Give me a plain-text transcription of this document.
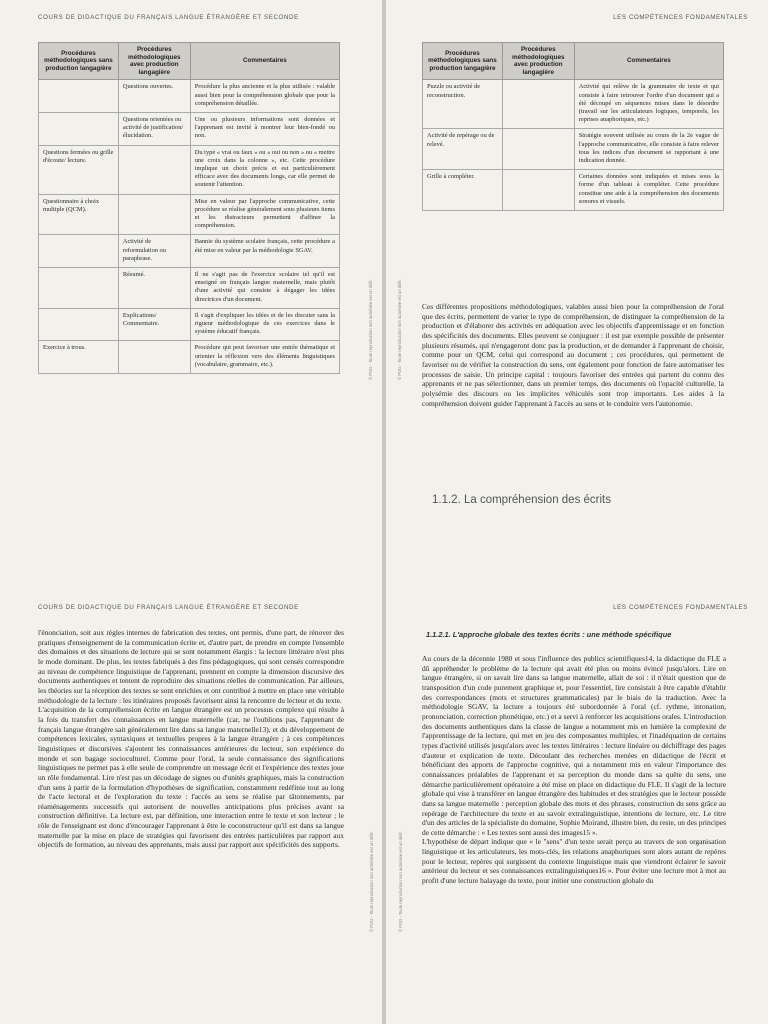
COURS DE DIDACTIQUE DU FRANÇAIS LANGUE ÉTRANGÈRE ET SECONDE
Procédures méthodologiques sans production langagière	Procédures méthodologiques avec production langagière	Commentaires
	Questions ouvertes.	Procédure la plus ancienne et la plus utilisée : valable aussi bien pour la compréhension globale que pour la compréhension détaillée.
	Questions orientées ou activité de justification/ élucidation.	Une ou plusieurs informations sont données et l'apprenant est invité à montrer leur bien-fondé ou non.
Questions fermées ou grille d'écoute/ lecture.		Du type « vrai ou faux » ou « oui ou non » ou « mettre une croix dans la colonne », etc. Cette procédure implique un choix précis et est particulièrement efficace avec des documents longs, car elle permet de soutenir l'attention.
Questionnaire à choix multiple (QCM).		Mise en valeur par l'approche communicative, cette procédure se réalise généralement sous plusieurs items et les distracteurs permettent d'affiner la compréhension.
	Activité de reformulation ou paraphrase.	Bannie du système scolaire français, cette procédure a été mise en valeur par la méthodologie SGAV.
	Résumé.	Il ne s'agit pas de l'exercice scolaire tel qu'il est enseigné en français langue maternelle, mais plutôt d'une activité qui consiste à dégager les idées directrices d'un document.
	Explications/ Commentaire.	Il s'agit d'expliquer les idées et de les discuter sans la rigueur méthodologique de ces exercices dans le système éducatif français.
Exercice à trous.		Procédure qui peut favoriser une entrée thématique et orienter la réflexion vers des éléments linguistiques (vocabulaire, grammaire, etc.).
LES COMPÉTENCES FONDAMENTALES
Procédures méthodologiques sans production langagière	Procédures méthodologiques avec production langagière	Commentaires
Puzzle ou activité de reconstruction.		Activité qui relève de la grammaire de texte et qui consiste à faire retrouver l'ordre d'un document qui a été découpé en séquences mises dans le désordre (travail sur les articulateurs logiques, temporels, les reprises anaphoriques, etc.)
Activité de repérage ou de relevé.		Stratégie souvent utilisée au cours de la 2e vague de l'approche communicative, elle consiste à faire relever tous les indices d'un document se rapportant à une indication donnée.
Grille à compléter.		Certaines données sont indiquées et mises sous la forme d'un tableau à compléter. Cette procédure constitue une aide à la compréhension des documents sonores et visuels.

Ces différentes propositions méthodologiques, valables aussi bien pour la compréhension de l'oral que des écrits, permettent de varier le type de compréhension, de distinguer la compréhension de la production et d'élaborer des activités en adéquation avec les objectifs d'apprentissage et en fonction des spécificités des documents. Elles peuvent se conjuguer : il est par exemple possible de présenter plusieurs résumés, qui n'engageront donc pas la production, et de demander à l'apprenant de choisir, comme pour un QCM, celui qui correspond au document ; ces procédures, qui permettent de favoriser ou de vérifier la construction du sens, ont également pour fonction de faire automatiser les processus de saisie. Un principe capital : toujours favoriser des entrées qui partent du connu des apprenants et ne pas sélectionner, dans un premier temps, des documents où l'opacité culturelle, la polysémie des discours ou les implicites véhiculés sont trop importants. Les aides à la compréhension doivent guider l'apprenant à l'accès au sens et le conduire vers l'autonomie.

1.1.2. La compréhension des écrits

© PUG - Toute reproduction non autorisée est un délit.	© PUG - Toute reproduction non autorisée est un délit.
COURS DE DIDACTIQUE DU FRANÇAIS LANGUE ÉTRANGÈRE ET SECONDE

l'énonciation, soit aux règles internes de fabrication des textes, ont permis, d'une part, de rénover des pratiques d'enseignement de la communication écrite et, d'autre part, de prendre en compte l'ensemble des domaines et des situations de lecture qui se sont notamment élargis : la lecture littéraire n'est plus le mode dominant. De plus, les textes fabriqués à des fins pédagogiques, qui sont censés correspondre au niveau de compétence linguistique de l'apprenant, prennent en compte la dimension discursive des documents authentiques et tentent de reproduire des situations réelles de communication. Par ailleurs, les théories sur la réception des textes se sont enrichies et ont contribué à mettre en place une véritable méthodologie de la lecture : les itinéraires proposés favorisent ainsi la rencontre du lecteur et du texte.

L'acquisition de la compréhension écrite en langue étrangère est un processus complexe qui résulte à la fois du transfert des connaissances en langue maternelle (car, ne l'oublions pas, l'apprenant de français langue étrangère sait généralement lire dans sa langue maternelle13), et du développement de compétences lexicales, syntaxiques et textuelles propres à la langue étrangère ; à ces compétences linguistiques et discursives s'ajoutent les connaissances antérieures du lecteur, son expérience du monde et son bagage socioculturel. Comme pour l'oral, la seule connaissance des significations linguistiques ne permet pas à elle seule de comprendre un message écrit et l'expérience des textes joue un rôle fondamental. Lire n'est pas un décodage de signes ou d'unités graphiques, mais la construction d'un sens à partir de la formulation d'hypothèses de signification, constamment redéfinie tout au long de l'acte lectoral et de l'exploration du texte : l'accès au sens se réalise par tâtonnements, par réaménagements successifs qui autorisent de nouvelles anticipations plus précises avant sa construction définitive. La lecture est, par définition, une interaction entre le texte et son lecteur ; le rôle de l'enseignant est donc d'encourager l'apprenant à être le coconstructeur qu'il est dans sa langue maternelle par la mise en place de stratégies qui favorisent des entrées particulières par rapport aux objectifs de formation, au niveau des apprenants, mais aussi par rapport aux spécificités des supports.

LES COMPÉTENCES FONDAMENTALES
1.1.2.1. L'approche globale des textes écrits : une méthode spécifique

Au cours de la décennie 1980 et sous l'influence des publics scientifiques14, la didactique du FLE a dû appréhender le problème de la lecture qui avait été plus ou moins évincé jusqu'alors. Lire en langue étrangère, si on savait lire dans sa langue maternelle, allait de soi : il n'était question que de transposition d'un code purement graphique et, pour l'essentiel, lire consistait à être capable d'établir des correspondances (mots et structures grammaticales) par le biais de la traduction. Avec la méthodologie SGAV, la lecture a toujours été subordonnée à l'oral (cf. rythme, intonation, prononciation, correction phonétique, etc.) et a servi à renforcer les acquisitions orales. L'introduction des documents authentiques dans la classe de langue a notamment mis en lumière la complexité de l'apprentissage de la lecture, qui met en jeu des composantes multiples, et l'inadéquation de certains types d'activité utilisés jusqu'alors avec les textes littéraires : lecture linéaire ou déchiffrage des pages d'auteur et explication de texte. Découlant des recherches menées en didactique de l'écrit et bénéficiant des apports de l'approche cognitive, qui a notamment mis en valeur l'importance des connaissances préalables de l'apprenant et sa perception du monde dans sa quête du sens, une démarche particulièrement opératoire a été mise en place en didactique du FLE. Il s'agit de la lecture globale qui vise à transférer en langue étrangère des habitudes et des stratégies que le lecteur possède dans sa langue maternelle : perception globale des mots et des phrases, construction du sens grâce au repérage de l'architecture du texte et au savoir extralinguistique, intentions de lecture, etc. Le titre d'un des articles de la spécialiste du domaine, Sophie Moirand, illustre bien, du reste, un des principes de cette démarche : « Les textes sont aussi des images15 ».

L'hypothèse de départ indique que « le "sens" d'un texte serait perçu au travers de son organisation linguistique et les articulateurs, les mots-clés, les relations anaphoriques sont alors autant de repères pour le lecteur, repères qui surgissent du contexte linguistique mais que viendront éclairer le savoir antérieur du lecteur et ses connaissances extralinguistiques16 ». Pour éviter une lecture mot à mot au profit d'une lecture balayage du texte, pour initier une construction globale du

© PUG - Toute reproduction non autorisée est un délit.	© PUG - Toute reproduction non autorisée est un délit.
